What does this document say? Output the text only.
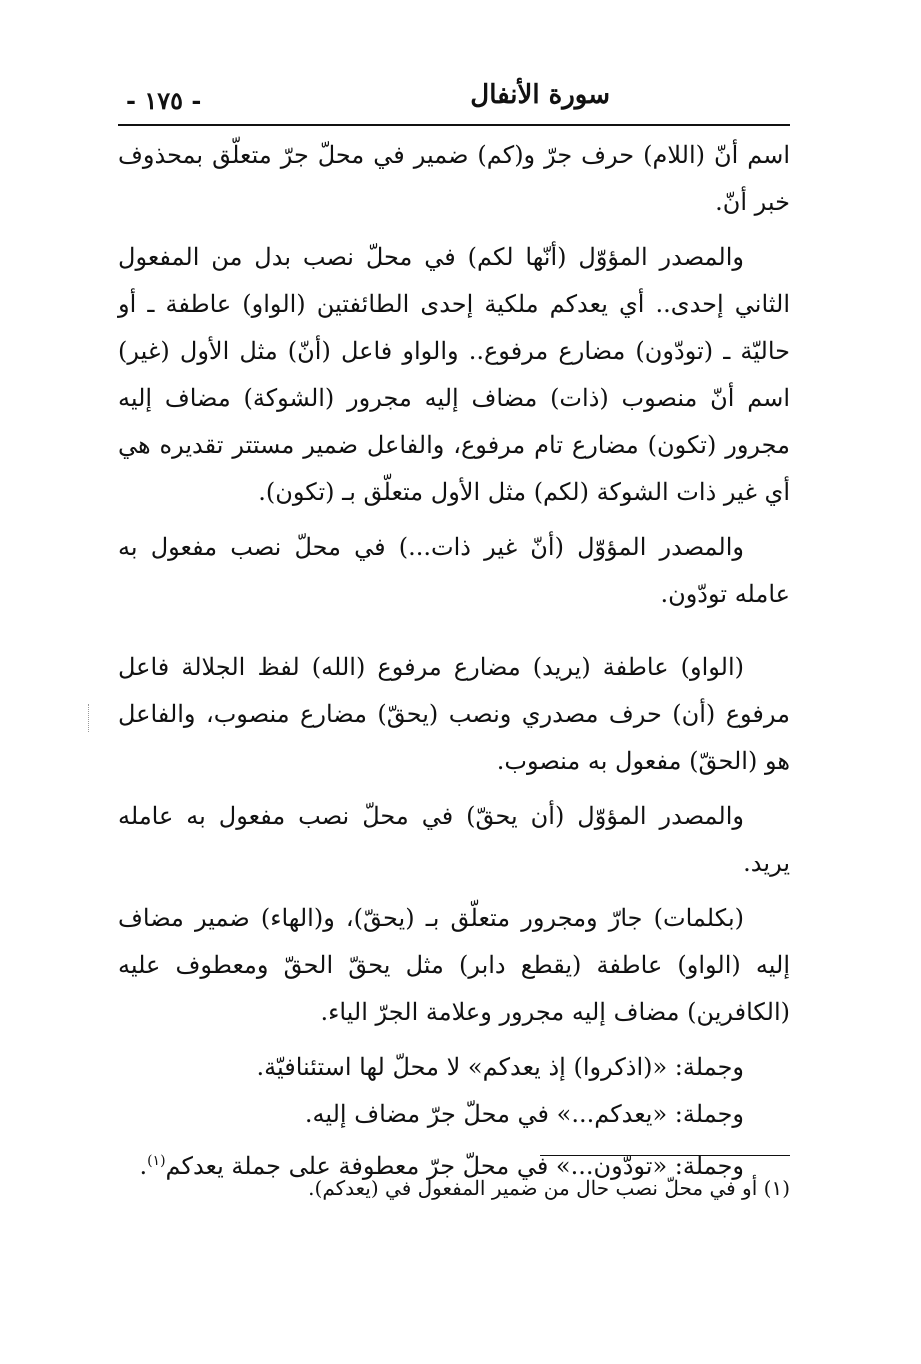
سورة الأنفال
- ١٧٥ -

اسم أنّ (اللام) حرف جرّ و(كم) ضمير في محلّ جرّ متعلّق بمحذوف خبر أنّ.

والمصدر المؤوّل (أنّها لكم) في محلّ نصب بدل من المفعول الثاني إحدى.. أي يعدكم ملكية إحدى الطائفتين (الواو) عاطفة ـ أو حاليّة ـ (تودّون) مضارع مرفوع.. والواو فاعل (أنّ) مثل الأول (غير) اسم أنّ منصوب (ذات) مضاف إليه مجرور (الشوكة) مضاف إليه مجرور (تكون) مضارع تام مرفوع، والفاعل ضمير مستتر تقديره هي أي غير ذات الشوكة (لكم) مثل الأول متعلّق بـ (تكون).

والمصدر المؤوّل (أنّ غير ذات...) في محلّ نصب مفعول به عامله تودّون.

(الواو) عاطفة (يريد) مضارع مرفوع (الله) لفظ الجلالة فاعل مرفوع (أن) حرف مصدري ونصب (يحقّ) مضارع منصوب، والفاعل هو (الحقّ) مفعول به منصوب.

والمصدر المؤوّل (أن يحقّ) في محلّ نصب مفعول به عامله يريد.

(بكلمات) جارّ ومجرور متعلّق بـ (يحقّ)، و(الهاء) ضمير مضاف إليه (الواو) عاطفة (يقطع دابر) مثل يحقّ الحقّ ومعطوف عليه (الكافرين) مضاف إليه مجرور وعلامة الجرّ الياء.

وجملة: «(اذكروا) إذ يعدكم» لا محلّ لها استئنافيّة.

وجملة: «يعدكم...» في محلّ جرّ مضاف إليه.

وجملة: «تودّون...» في محلّ جرّ معطوفة على جملة يعدكم$^{(١)}$.

(١) أو في محلّ نصب حال من ضمير المفعول في (يعدكم).
